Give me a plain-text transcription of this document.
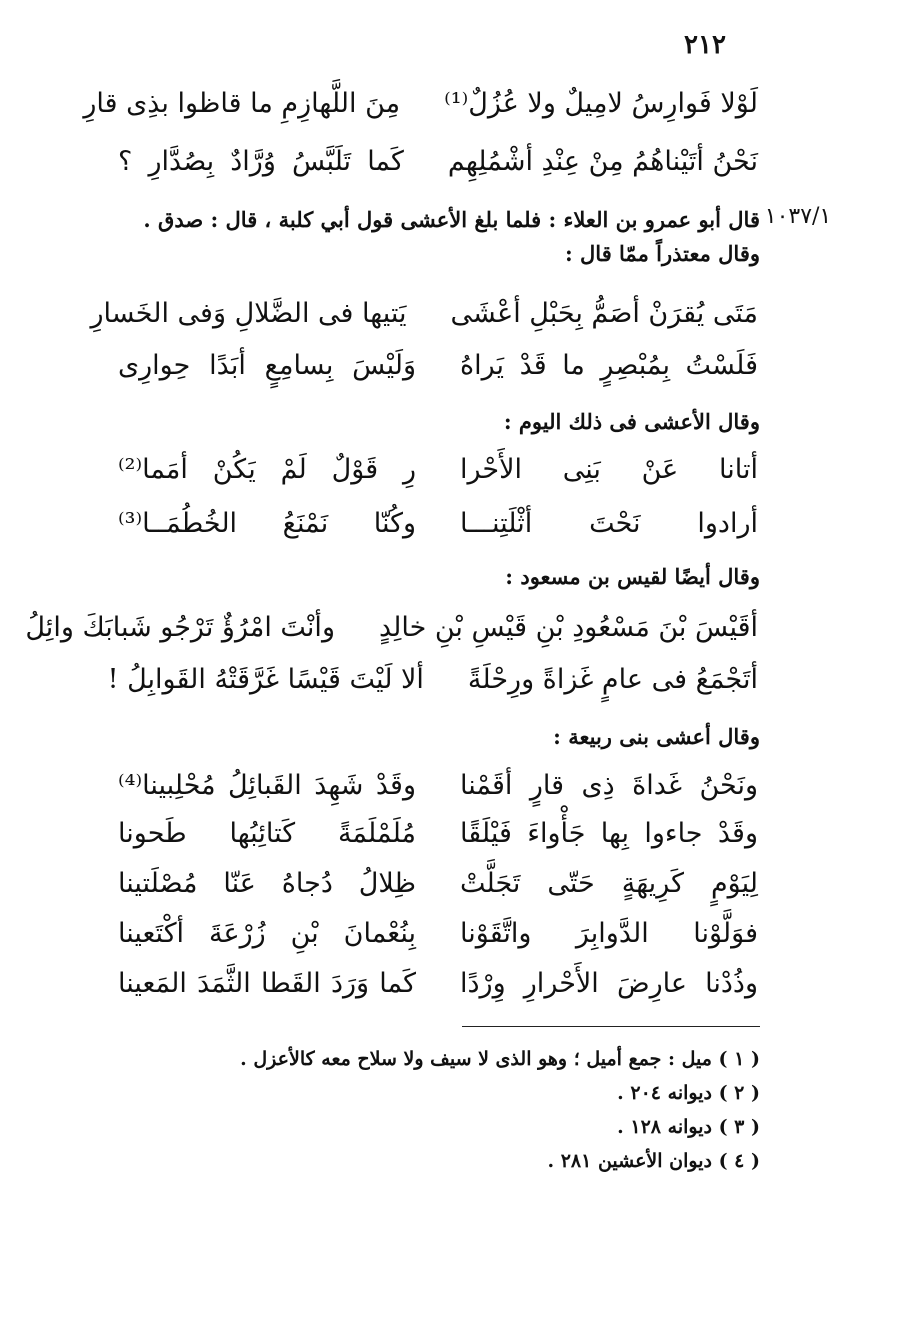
٢١٢
لَوْلا فَوارِسُ لامِيلٌ ولا عُزُلٌ⁽¹⁾
مِنَ اللَّهازِمِ ما قاظوا بذِى قارِ
نَحْنُ أتَيْناهُمُ مِنْ عِنْدِ أشْمُلِهِم
كَما تَلَبَّسُ وُرَّادٌ بِصُدَّارِ ؟
١٠٣٧/١
قال أبو عمرو بن العلاء : فلما بلغ الأعشى قول أبي كلبة ، قال : صدق .
وقال معتذراً ممّا قال :
مَتَى يُقرَنْ أصَمُّ بِحَبْلِ أعْشَى
يَتيها فى الضَّلالِ وَفى الخَسارِ
فَلَسْتُ بِمُبْصِرٍ ما قَدْ يَراهُ
وَلَيْسَ بِسامِعٍ أبَدًا حِوارِى
وقال الأعشى فى ذلك اليوم :
أتانا عَنْ بَنِى الأَحْرا
رِ قَوْلٌ لَمْ يَكُنْ أمَما⁽²⁾
أرادوا نَحْتَ أثْلَتِنـــا
وكُنّا نَمْنَعُ الخُطُمَــا⁽³⁾
وقال أيضًا لقيس بن مسعود :
أقَيْسَ بْنَ مَسْعُودِ بْنِ قَيْسِ بْنِ خالِدٍ
وأنْتَ امْرُؤٌ تَرْجُو شَبابَكَ وائِلُ
أتَجْمَعُ فى عامٍ غَزاةً ورِحْلَةً
ألا لَيْتَ قَيْسًا غَرَّقَتْهُ القَوابِلُ !
وقال أعشى بنى ربيعة :
ونَحْنُ غَداةَ ذِى قارٍ أقَمْنا
وقَدْ شَهِدَ القَبائِلُ مُحْلِبينا⁽⁴⁾
وقَدْ جاءوا بِها جَأْواءَ فَيْلَقًا
مُلَمْلَمَةً كَتائِبُها طَحونا
لِيَوْمٍ كَرِيهَةٍ حَتّى تَجَلَّتْ
ظِلالُ دُجاهُ عَنّا مُصْلَتينا
فوَلَّوْنا الدَّوابِرَ واتَّقَوْنا
بِنُعْمانَ بْنِ زُرْعَةَ أكْتَعينا
وذُدْنا عارِضَ الأَحْرارِ وِرْدًا
كَما وَرَدَ القَطا الثَّمَدَ المَعينا
( ١ ) ميل : جمع أميل ؛ وهو الذى لا سيف ولا سلاح معه كالأعزل .
( ٢ ) ديوانه ٢٠٤ .
( ٣ ) ديوانه ١٢٨ .
( ٤ ) ديوان الأعشين ٢٨١ .
